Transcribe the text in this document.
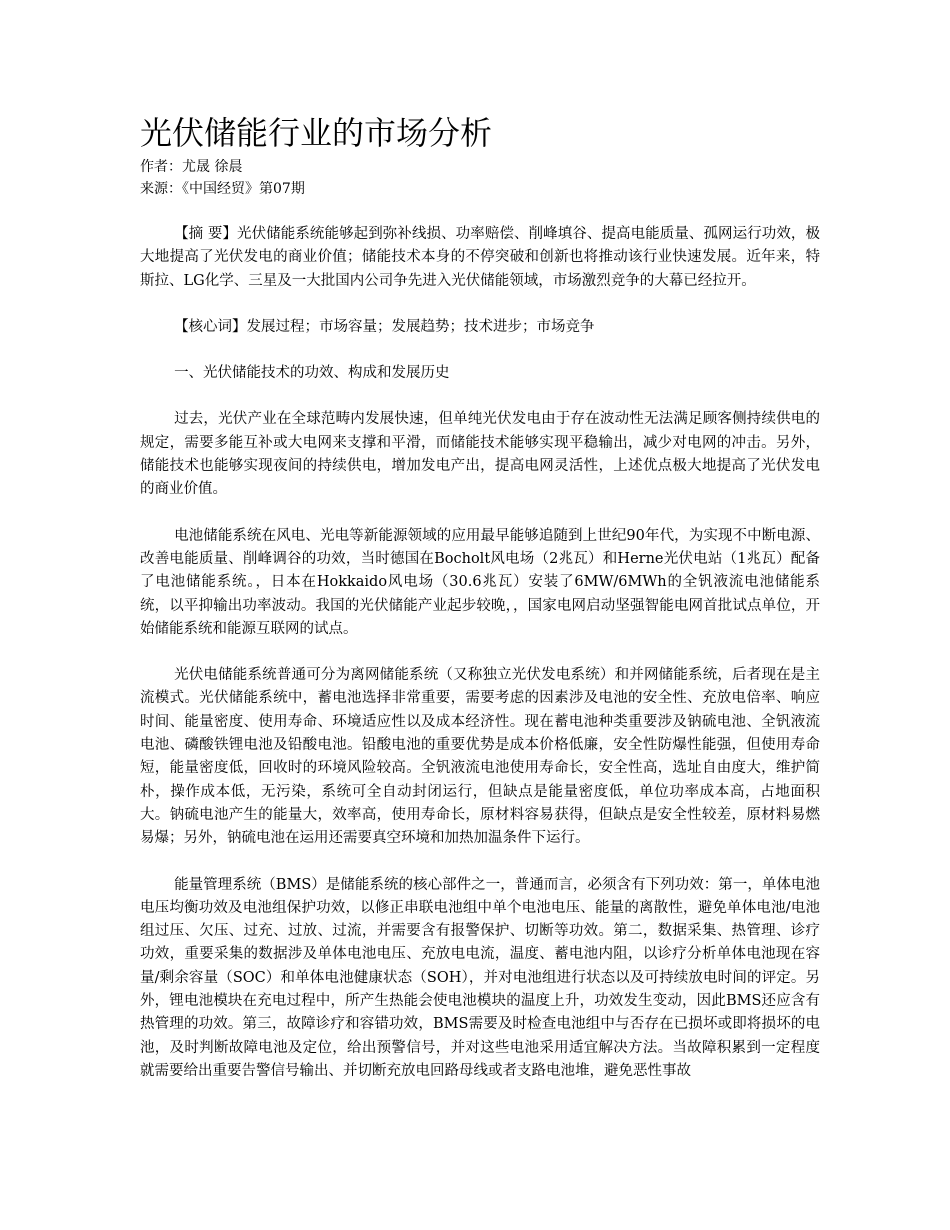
光伏储能行业的市场分析
作者：尤晟 徐晨
来源：《中国经贸》第07期

【摘 要】光伏储能系统能够起到弥补线损、功率赔偿、削峰填谷、提高电能质量、孤网运行功效，极大地提高了光伏发电的商业价值；储能技术本身的不停突破和创新也将推动该行业快速发展。近年来，特斯拉、LG化学、三星及一大批国内公司争先进入光伏储能领域，市场激烈竞争的大幕已经拉开。

【核心词】发展过程；市场容量；发展趋势；技术进步；市场竞争

一、光伏储能技术的功效、构成和发展历史

过去，光伏产业在全球范畴内发展快速，但单纯光伏发电由于存在波动性无法满足顾客侧持续供电的规定，需要多能互补或大电网来支撑和平滑，而储能技术能够实现平稳输出，减少对电网的冲击。另外，储能技术也能够实现夜间的持续供电，增加发电产出，提高电网灵活性，上述优点极大地提高了光伏发电的商业价值。

电池储能系统在风电、光电等新能源领域的应用最早能够追随到上世纪90年代，为实现不中断电源、改善电能质量、削峰调谷的功效，当时德国在Bocholt风电场（2兆瓦）和Herne光伏电站（1兆瓦）配备了电池储能系统。，日本在Hokkaido风电场（30.6兆瓦）安装了6MW/6MWh的全钒液流电池储能系统，以平抑输出功率波动。我国的光伏储能产业起步较晚，，国家电网启动坚强智能电网首批试点单位，开始储能系统和能源互联网的试点。

光伏电储能系统普通可分为离网储能系统（又称独立光伏发电系统）和并网储能系统，后者现在是主流模式。光伏储能系统中，蓄电池选择非常重要，需要考虑的因素涉及电池的安全性、充放电倍率、响应时间、能量密度、使用寿命、环境适应性以及成本经济性。现在蓄电池种类重要涉及钠硫电池、全钒液流电池、磷酸铁锂电池及铅酸电池。铅酸电池的重要优势是成本价格低廉，安全性防爆性能强，但使用寿命短，能量密度低，回收时的环境风险较高。全钒液流电池使用寿命长，安全性高，选址自由度大，维护简朴，操作成本低，无污染，系统可全自动封闭运行，但缺点是能量密度低，单位功率成本高，占地面积大。钠硫电池产生的能量大，效率高，使用寿命长，原材料容易获得，但缺点是安全性较差，原材料易燃易爆；另外，钠硫电池在运用还需要真空环境和加热加温条件下运行。

能量管理系统（BMS）是储能系统的核心部件之一，普通而言，必须含有下列功效：第一，单体电池电压均衡功效及电池组保护功效，以修正串联电池组中单个电池电压、能量的离散性，避免单体电池/电池组过压、欠压、过充、过放、过流，并需要含有报警保护、切断等功效。第二，数据采集、热管理、诊疗功效，重要采集的数据涉及单体电池电压、充放电电流，温度、蓄电池内阻，以诊疗分析单体电池现在容量/剩余容量（SOC）和单体电池健康状态（SOH），并对电池组进行状态以及可持续放电时间的评定。另外，锂电池模块在充电过程中，所产生热能会使电池模块的温度上升，功效发生变动，因此BMS还应含有热管理的功效。第三，故障诊疗和容错功效，BMS需要及时检查电池组中与否存在已损坏或即将损坏的电池，及时判断故障电池及定位，给出预警信号，并对这些电池采用适宜解决方法。当故障积累到一定程度就需要给出重要告警信号输出、并切断充放电回路母线或者支路电池堆，避免恶性事故
